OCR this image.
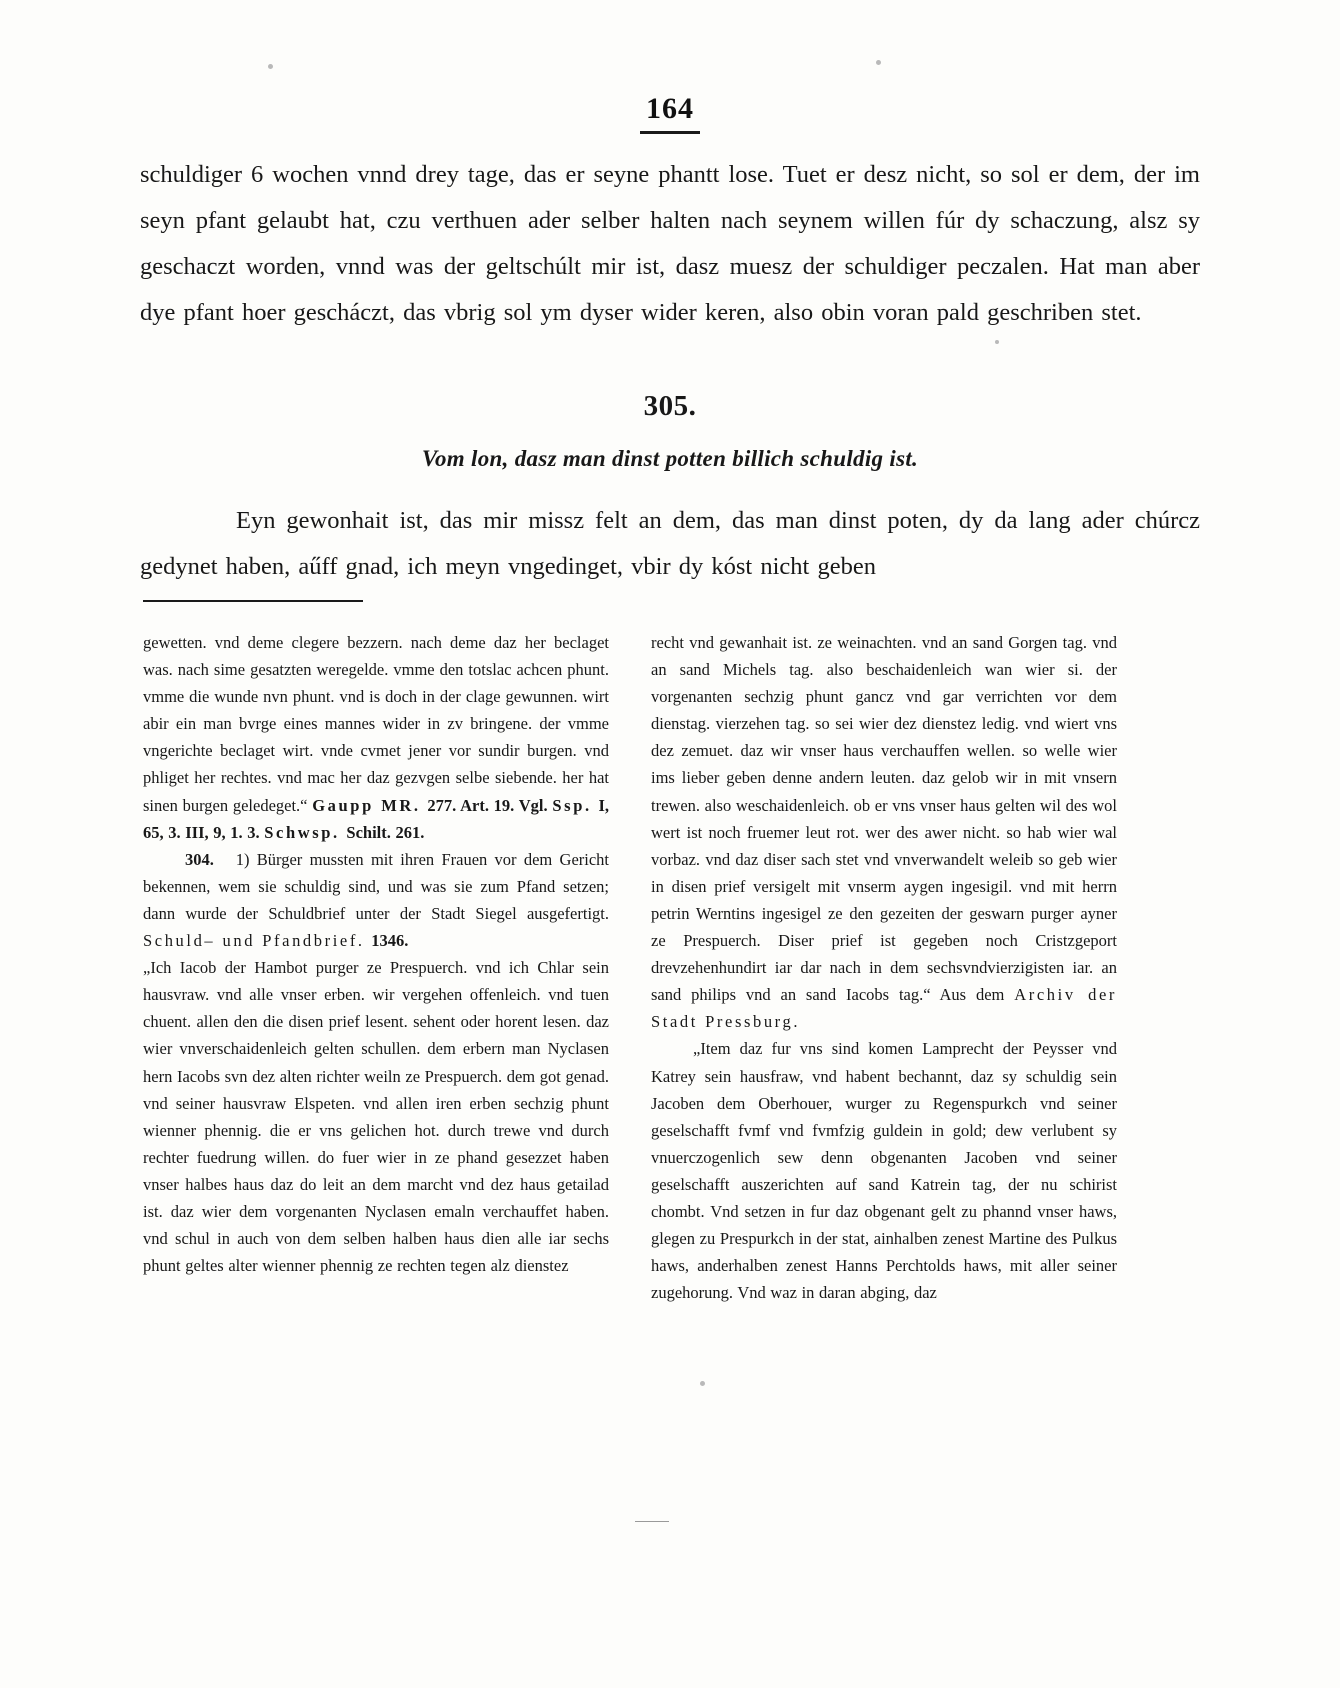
164

schuldiger 6 wochen vnnd drey tage, das er seyne phantt lose. Tuet er desz nicht, so sol er dem, der im seyn pfant gelaubt hat, czu verthuen ader selber halten nach seynem willen fúr dy schaczung, alsz sy geschaczt worden, vnnd was der geltschúlt mir ist, dasz muesz der schuldiger peczalen. Hat man aber dye pfant hoer gescháczt, das vbrig sol ym dyser wider keren, also obin voran pald geschriben stet.

305.
Vom lon, dasz man dinst potten billich schuldig ist.

Eyn gewonhait ist, das mir missz felt an dem, das man dinst poten, dy da lang ader chúrcz gedynet haben, aűff gnad, ich meyn vngedinget, vbir dy kóst nicht geben

gewetten. vnd deme clegere bezzern. nach deme daz her beclaget was. nach sime gesatzten weregelde. vmme den totslac achcen phunt. vmme die wunde nvn phunt. vnd is doch in der clage gewunnen. wirt abir ein man bvrge eines mannes wider in zv bringene. der vmme vngerichte beclaget wirt. vnde cvmet jener vor sundir burgen. vnd phliget her rechtes. vnd mac her daz gezvgen selbe siebende. her hat sinen burgen geledeget.“ Gaupp MR. 277. Art. 19. Vgl. Ssp. I, 65, 3. III, 9, 1. 3. Schwsp. Schilt. 261.

304. 1) Bürger mussten mit ihren Frauen vor dem Gericht bekennen, wem sie schuldig sind, und was sie zum Pfand setzen; dann wurde der Schuldbrief unter der Stadt Siegel ausgefertigt. Schuld– und Pfandbrief. 1346.

„Ich Iacob der Hambot purger ze Prespuerch. vnd ich Chlar sein hausvraw. vnd alle vnser erben. wir vergehen offenleich. vnd tuen chuent. allen den die disen prief lesent. sehent oder horent lesen. daz wier vnverschaidenleich gelten schullen. dem erbern man Nyclasen hern Iacobs svn dez alten richter weiln ze Prespuerch. dem got genad. vnd seiner hausvraw Elspeten. vnd allen iren erben sechzig phunt wienner phennig. die er vns gelichen hot. durch trewe vnd durch rechter fuedrung willen. do fuer wier in ze phand gesezzet haben vnser halbes haus daz do leit an dem marcht vnd dez haus getailad ist. daz wier dem vorgenanten Nyclasen emaln verchauffet haben. vnd schul in auch von dem selben halben haus dien alle iar sechs phunt geltes alter wienner phennig ze rechten tegen alz dienstez

recht vnd gewanhait ist. ze weinachten. vnd an sand Gorgen tag. vnd an sand Michels tag. also beschaidenleich wan wier si. der vorgenanten sechzig phunt gancz vnd gar verrichten vor dem dienstag. vierzehen tag. so sei wier dez dienstez ledig. vnd wiert vns dez zemuet. daz wir vnser haus verchauffen wellen. so welle wier ims lieber geben denne andern leuten. daz gelob wir in mit vnsern trewen. also weschaidenleich. ob er vns vnser haus gelten wil des wol wert ist noch fruemer leut rot. wer des awer nicht. so hab wier wal vorbaz. vnd daz diser sach stet vnd vnverwandelt weleib so geb wier in disen prief versigelt mit vnserm aygen ingesigil. vnd mit herrn petrin Werntins ingesigel ze den gezeiten der geswarn purger ayner ze Prespuerch. Diser prief ist gegeben noch Cristzgeport drevzehenhundirt iar dar nach in dem sechsvndvierzigisten iar. an sand philips vnd an sand Iacobs tag.“ Aus dem Archiv der Stadt Pressburg.

„Item daz fur vns sind komen Lamprecht der Peysser vnd Katrey sein hausfraw, vnd habent bechannt, daz sy schuldig sein Jacoben dem Oberhouer, wurger zu Regenspurkch vnd seiner geselschafft fvmf vnd fvmfzig guldein in gold; dew verlubent sy vnuerczogenlich sew denn obgenanten Jacoben vnd seiner geselschafft auszerichten auf sand Katrein tag, der nu schirist chombt. Vnd setzen in fur daz obgenant gelt zu phannd vnser haws, glegen zu Prespurkch in der stat, ainhalben zenest Martine des Pulkus haws, anderhalben zenest Hanns Perchtolds haws, mit aller seiner zugehorung. Vnd waz in daran abging, daz
